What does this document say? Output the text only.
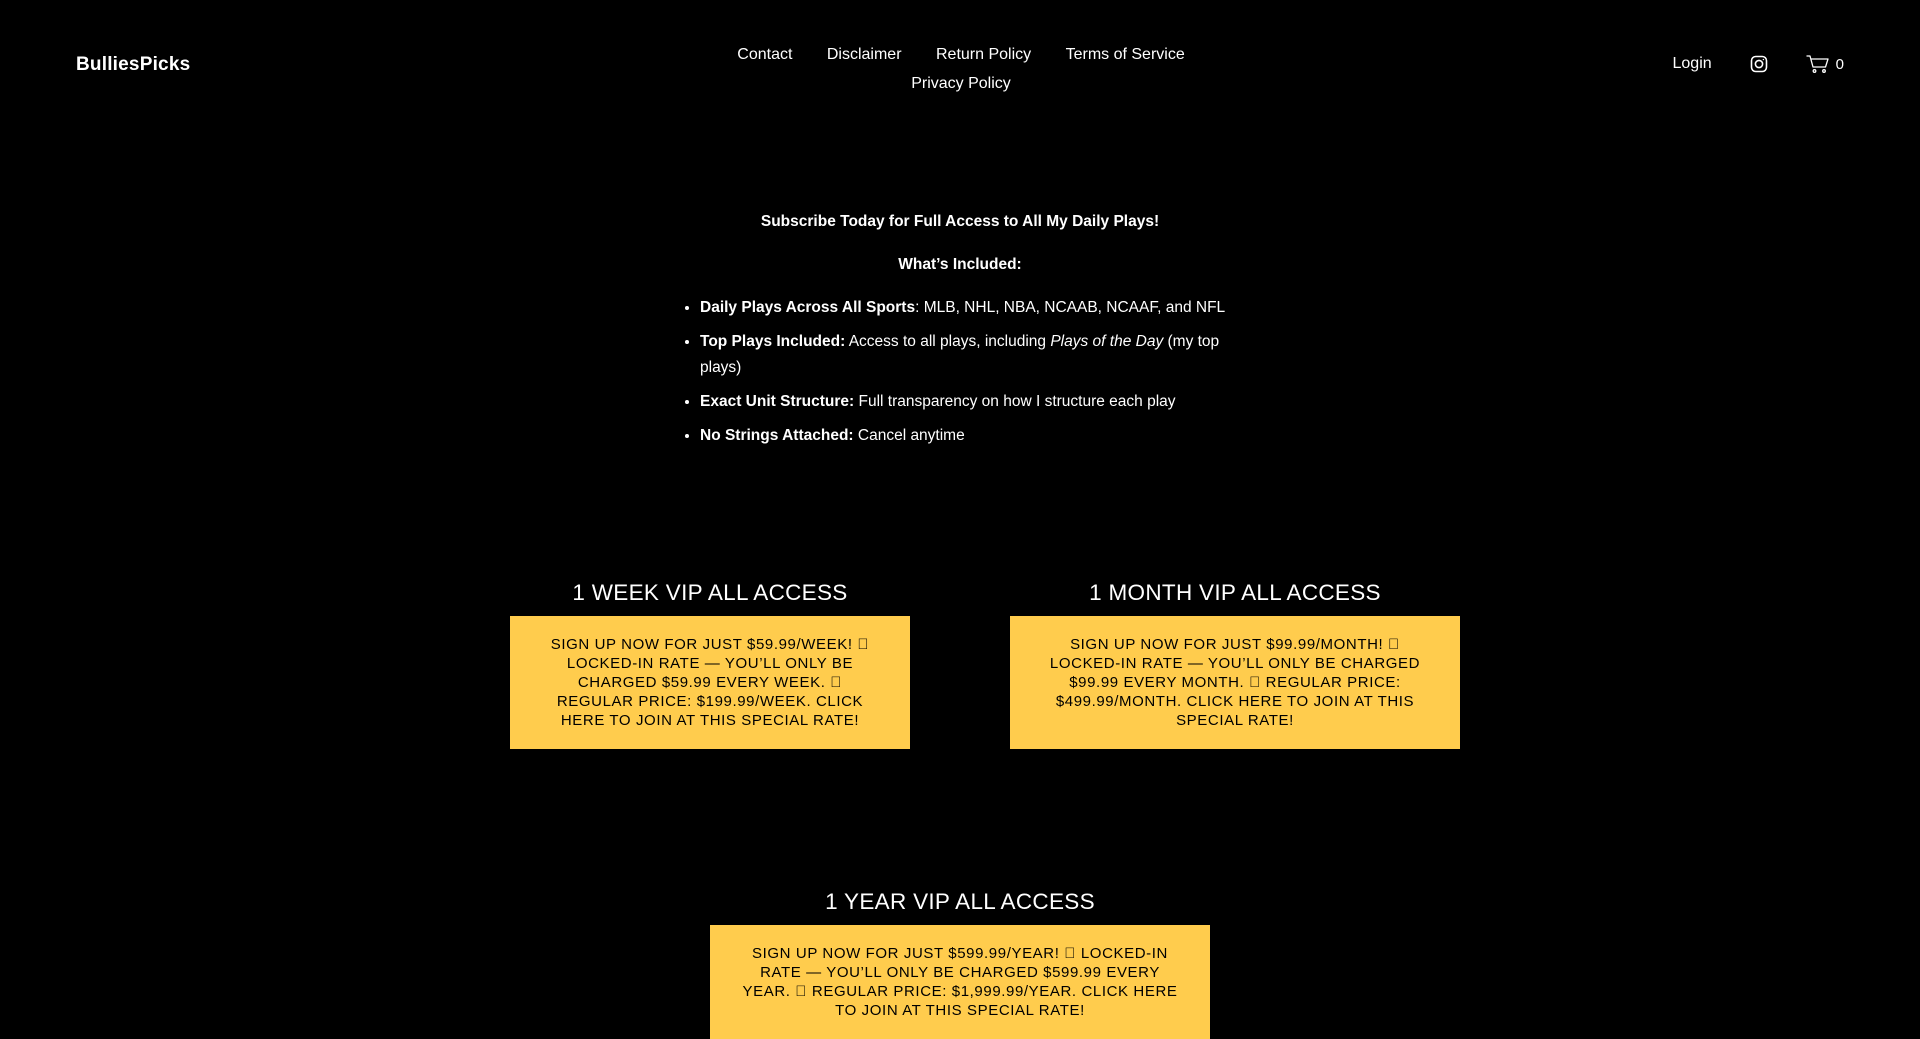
BulliesPicks	Contact Disclaimer Return Policy Terms of Service
Privacy Policy
Login	0

Subscribe Today for Full Access to All My Daily Plays!

What’s Included:

• Daily Plays Across All Sports: MLB, NHL, NBA, NCAAB, NCAAF, and NFL
• Top Plays Included: Access to all plays, including Plays of the Day (my top plays)
• Exact Unit Structure: Full transparency on how I structure each play
• No Strings Attached: Cancel anytime
1 WEEK VIP ALL ACCESS
SIGN UP NOW FOR JUST $59.99/WEEK! 􀀀 LOCKED-IN RATE — YOU’LL ONLY BE CHARGED $59.99 EVERY WEEK. 􀀀 REGULAR PRICE: $199.99/WEEK. CLICK HERE TO JOIN AT THIS SPECIAL RATE!
1 MONTH VIP ALL ACCESS
SIGN UP NOW FOR JUST $99.99/MONTH! 􀀀 LOCKED-IN RATE — YOU’LL ONLY BE CHARGED $99.99 EVERY MONTH. 􀀀 REGULAR PRICE: $499.99/MONTH. CLICK HERE TO JOIN AT THIS SPECIAL RATE!
1 YEAR VIP ALL ACCESS
SIGN UP NOW FOR JUST $599.99/YEAR! 􀀀 LOCKED-IN RATE — YOU’LL ONLY BE CHARGED $599.99 EVERY YEAR. 􀀀 REGULAR PRICE: $1,999.99/YEAR. CLICK HERE TO JOIN AT THIS SPECIAL RATE!
